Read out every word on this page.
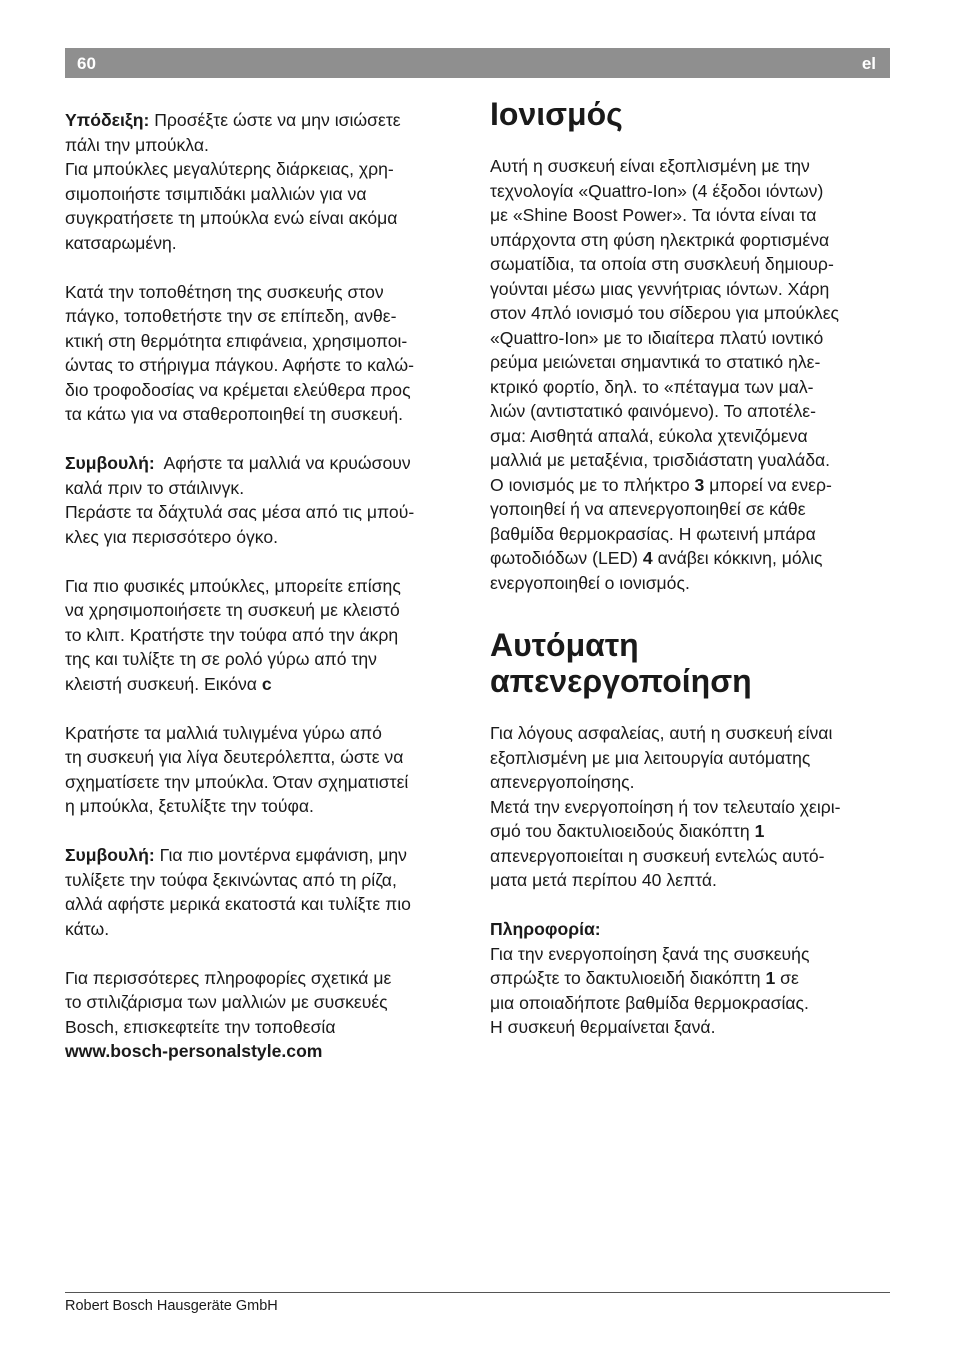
60	el
Υπόδειξη: Προσέξτε ώστε να μην ισιώσετε
πάλι την μπούκλα.
Για μπούκλες μεγαλύτερης διάρκειας, χρη-
σιμοποιήστε τσιμπιδάκι μαλλιών για να
συγκρατήσετε τη μπούκλα ενώ είναι ακόμα
κατσαρωμένη.
Κατά την τοποθέτηση της συσκευής στον
πάγκο, τοποθετήστε την σε επίπεδη, ανθε-
κτική στη θερμότητα επιφάνεια, χρησιμοποι-
ώντας το στήριγμα πάγκου. Αφήστε το καλώ-
διο τροφοδοσίας να κρέμεται ελεύθερα προς
τα κάτω για να σταθεροποιηθεί τη συσκευή.
Συμβουλή:  Αφήστε τα μαλλιά να κρυώσουν
καλά πριν το στάιλινγκ.
Περάστε τα δάχτυλά σας μέσα από τις μπού-
κλες για περισσότερο όγκο.
Για πιο φυσικές μπούκλες, μπορείτε επίσης
να χρησιμοποιήσετε τη συσκευή με κλειστό
το κλιπ. Κρατήστε την τούφα από την άκρη
της και τυλίξτε τη σε ρολό γύρω από την
κλειστή συσκευή. Εικόνα c
Κρατήστε τα μαλλιά τυλιγμένα γύρω από
τη συσκευή για λίγα δευτερόλεπτα, ώστε να
σχηματίσετε την μπούκλα. Όταν σχηματιστεί
η μπούκλα, ξετυλίξτε την τούφα.
Συμβουλή: Για πιο μοντέρνα εμφάνιση, μην
τυλίξετε την τούφα ξεκινώντας από τη ρίζα,
αλλά αφήστε μερικά εκατοστά και τυλίξτε πιο
κάτω.
Για περισσότερες πληροφορίες σχετικά με
το στιλιζάρισμα των μαλλιών με συσκευές
Bosch, επισκεφτείτε την τοποθεσία
www.bosch-personalstyle.com
Ιονισμός
Αυτή η συσκευή είναι εξοπλισμένη με την
τεχνολογία «Quattro-Ion» (4 έξοδοι ιόντων)
με «Shine Boost Power». Τα ιόντα είναι τα
υπάρχοντα στη φύση ηλεκτρικά φορτισμένα
σωματίδια, τα οποία στη συσκλευή δημιουρ-
γούνται μέσω μιας γεννήτριας ιόντων. Χάρη
στον 4πλό ιονισμό του σίδερου για μπούκλες
«Quattro-Ion» με το ιδιαίτερα πλατύ ιοντικό
ρεύμα μειώνεται σημαντικά το στατικό ηλε-
κτρικό φορτίο, δηλ. το «πέταγμα των μαλ-
λιών (αντιστατικό φαινόμενο). Το αποτέλε-
σμα: Αισθητά απαλά, εύκολα χτενιζόμενα
μαλλιά με μεταξένια, τρισδιάστατη γυαλάδα.
Ο ιονισμός με το πλήκτρο 3 μπορεί να ενερ-
γοποιηθεί ή να απενεργοποιηθεί σε κάθε
βαθμίδα θερμοκρασίας. Η φωτεινή μπάρα
φωτοδιόδων (LED) 4 ανάβει κόκκινη, μόλις
ενεργοποιηθεί ο ιονισμός.
Αυτόματη
απενεργοποίηση
Για λόγους ασφαλείας, αυτή η συσκευή είναι
εξοπλισμένη με μια λειτουργία αυτόματης
απενεργοποίησης.
Μετά την ενεργοποίηση ή τον τελευταίο χειρι-
σμό του δακτυλιοειδούς διακόπτη 1
απενεργοποιείται η συσκευή εντελώς αυτό-
ματα μετά περίπου 40 λεπτά.
Πληροφορία:
Για την ενεργοποίηση ξανά της συσκευής
σπρώξτε το δακτυλιοειδή διακόπτη 1 σε
μια οποιαδήποτε βαθμίδα θερμοκρασίας.
Η συσκευή θερμαίνεται ξανά.
Robert Bosch Hausgeräte GmbH
